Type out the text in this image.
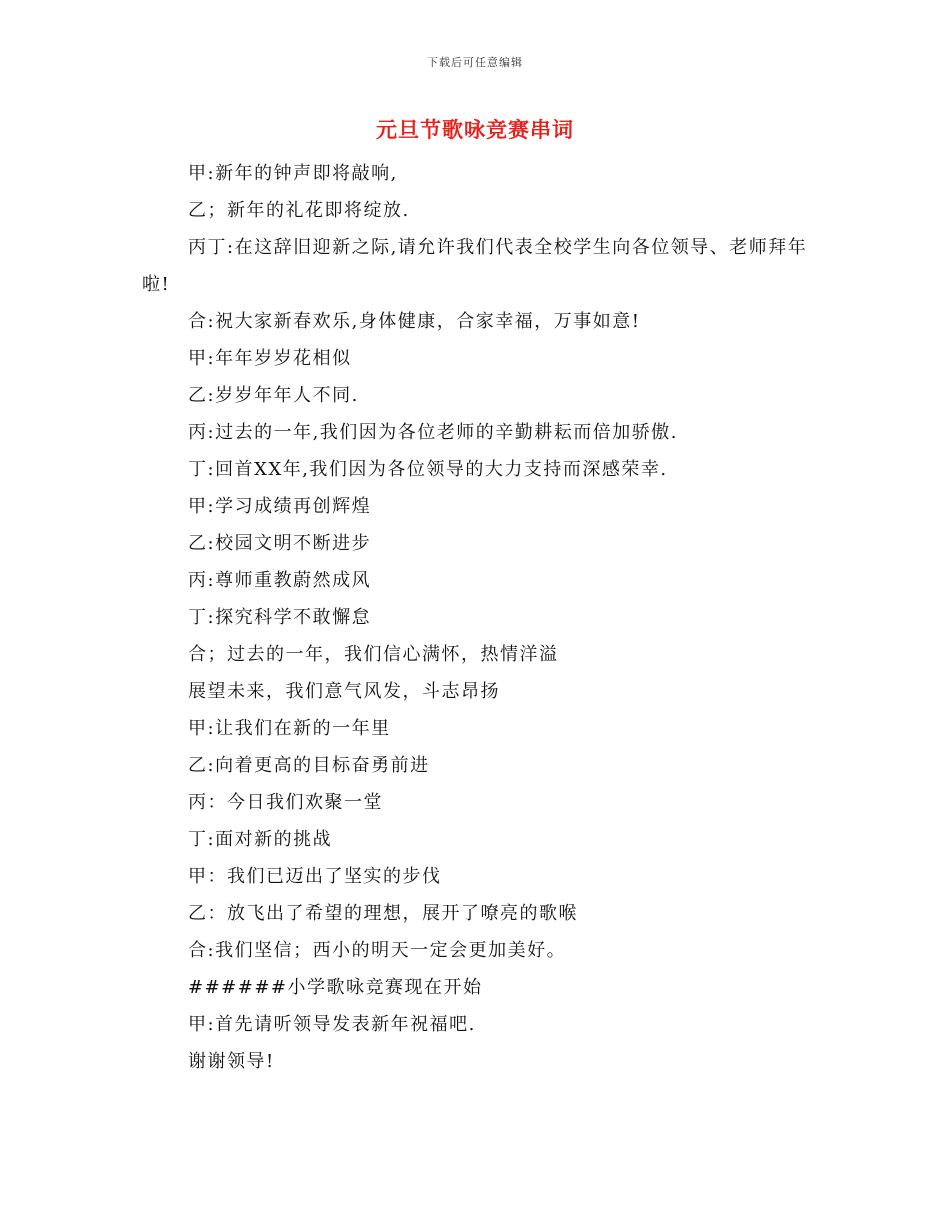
下载后可任意编辑
元旦节歌咏竞赛串词
甲:新年的钟声即将敲响,
乙；新年的礼花即将绽放.
丙丁:在这辞旧迎新之际,请允许我们代表全校学生向各位领导、老师拜年啦!
合:祝大家新春欢乐,身体健康，合家幸福，万事如意!
甲:年年岁岁花相似
乙:岁岁年年人不同.
丙:过去的一年,我们因为各位老师的辛勤耕耘而倍加骄傲.
丁:回首XX年,我们因为各位领导的大力支持而深感荣幸.
甲:学习成绩再创辉煌
乙:校园文明不断进步
丙:尊师重教蔚然成风
丁:探究科学不敢懈怠
合；过去的一年，我们信心满怀，热情洋溢
展望未来，我们意气风发，斗志昂扬
甲:让我们在新的一年里
乙:向着更高的目标奋勇前进
丙：今日我们欢聚一堂
丁:面对新的挑战
甲：我们已迈出了坚实的步伐
乙：放飞出了希望的理想，展开了嘹亮的歌喉
合:我们坚信；西小的明天一定会更加美好。
######小学歌咏竞赛现在开始
甲:首先请听领导发表新年祝福吧.
谢谢领导!
